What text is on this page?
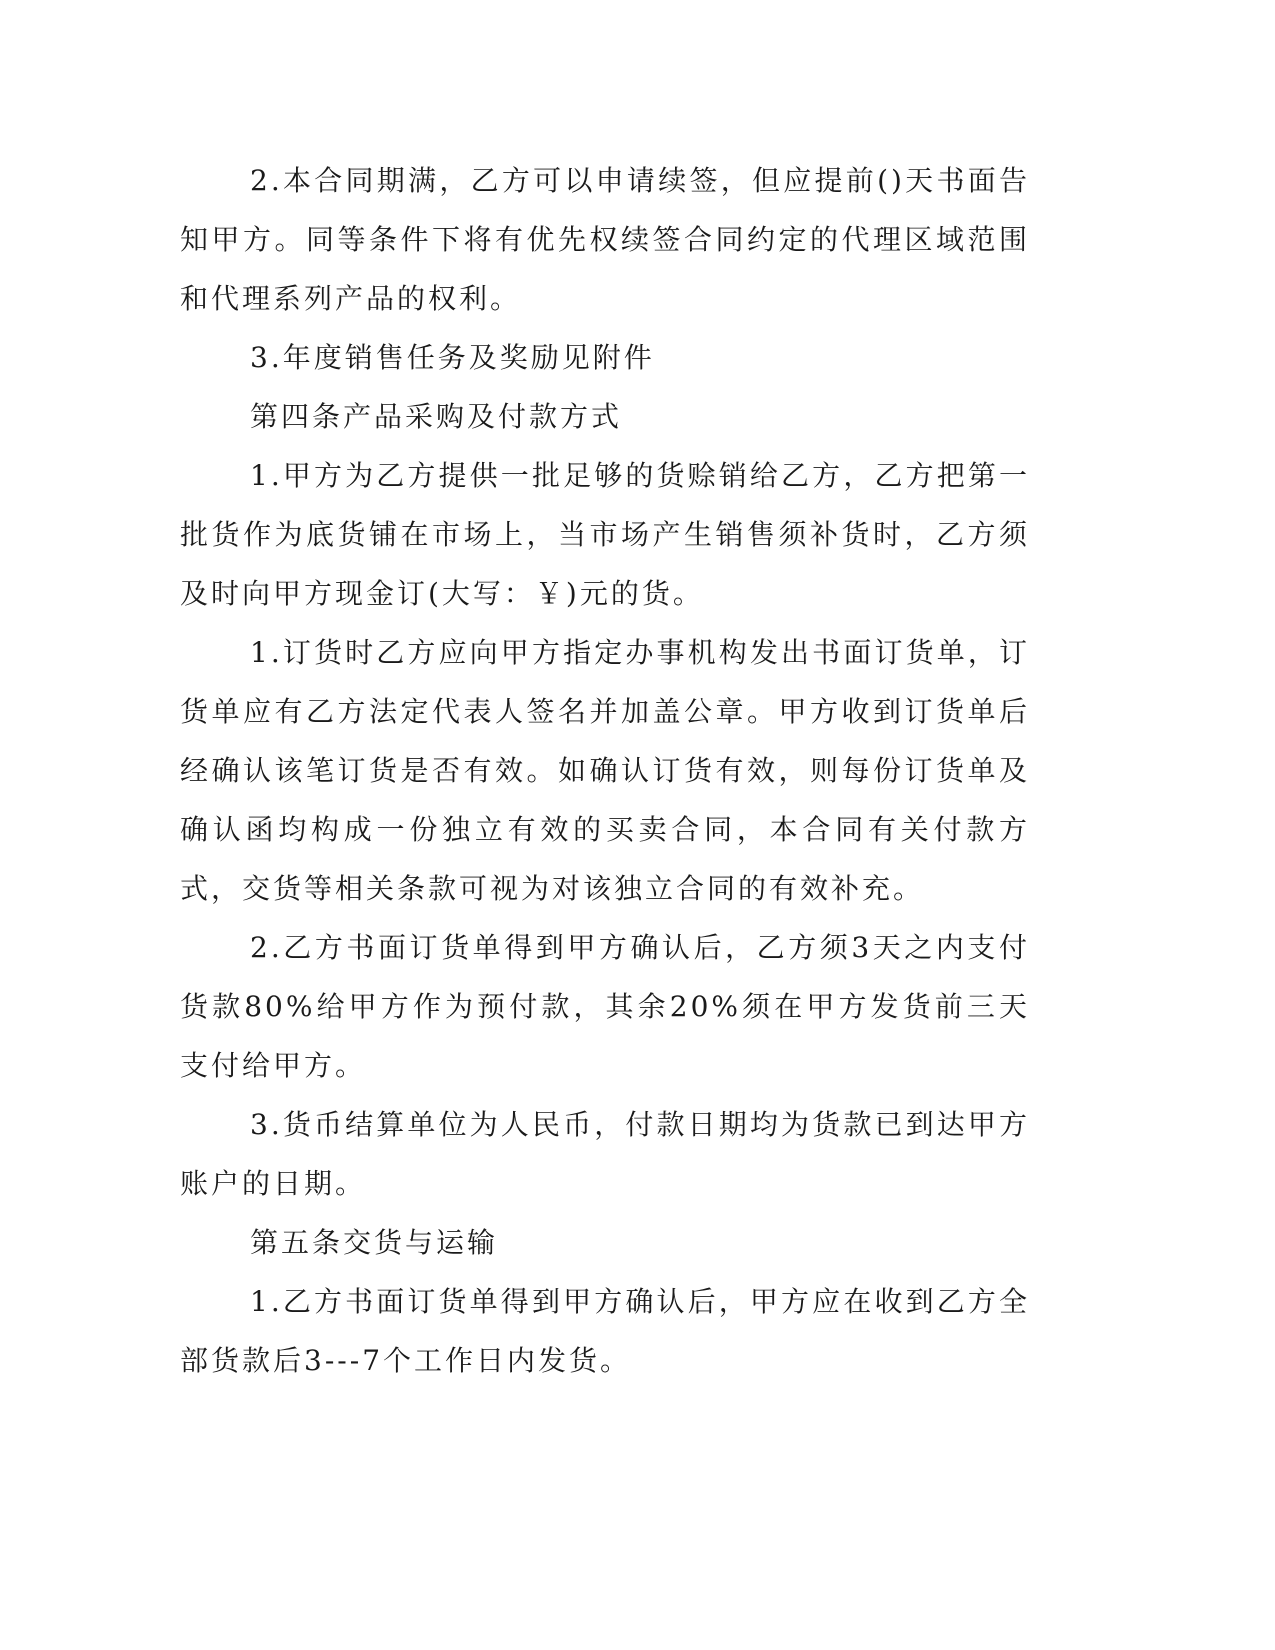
2.本合同期满，乙方可以申请续签，但应提前()天书面告知甲方。同等条件下将有优先权续签合同约定的代理区域范围和代理系列产品的权利。

3.年度销售任务及奖励见附件

第四条产品采购及付款方式

1.甲方为乙方提供一批足够的货赊销给乙方，乙方把第一批货作为底货铺在市场上，当市场产生销售须补货时，乙方须及时向甲方现金订(大写：￥)元的货。

1.订货时乙方应向甲方指定办事机构发出书面订货单，订货单应有乙方法定代表人签名并加盖公章。甲方收到订货单后经确认该笔订货是否有效。如确认订货有效，则每份订货单及确认函均构成一份独立有效的买卖合同，本合同有关付款方式，交货等相关条款可视为对该独立合同的有效补充。

2.乙方书面订货单得到甲方确认后，乙方须3天之内支付货款80%给甲方作为预付款，其余20%须在甲方发货前三天支付给甲方。

3.货币结算单位为人民币，付款日期均为货款已到达甲方账户的日期。

第五条交货与运输

1.乙方书面订货单得到甲方确认后，甲方应在收到乙方全部货款后3---7个工作日内发货。
